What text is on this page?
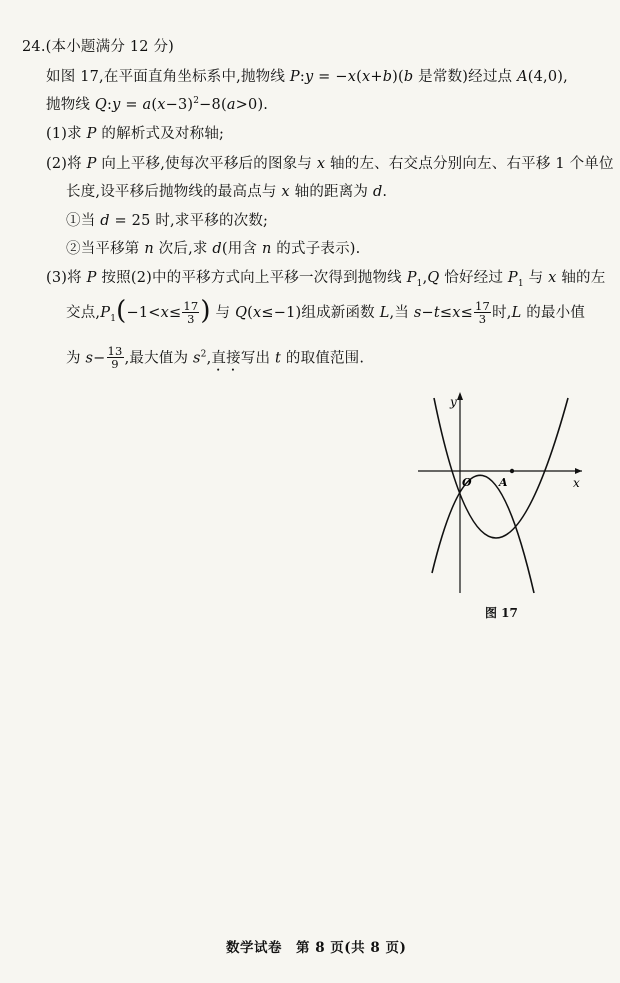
24.(本小题满分 12 分)
如图 17,在平面直角坐标系中,抛物线 P:y = −x(x+b)(b 是常数)经过点 A(4,0),
抛物线 Q:y = $a(x-3)^2-8(a>0)$.
(1)求 P 的解析式及对称轴;
(2)将 P 向上平移,使每次平移后的图象与 x 轴的左、右交点分别向左、右平移 1 个单位
长度,设平移后抛物线的最高点与 x 轴的距离为 d.
①当 d = 25 时,求平移的次数;
②当平移第 n 次后,求 d(用含 n 的式子表示).
(3)将 P 按照(2)中的平移方式向上平移一次得到抛物线 $P_1,Q$ 恰好经过 $P_1$ 与 x 轴的左
交点$,P_1(-1<x\le \frac{17}{3}$ ) 与 Q(x≤−1)组成新函数 L,当 $s-t\le x\le \frac{17}{3}$ 时,L 的最小值
为 $s- \frac{13}{9}$ ,最大值为 $s^2$,直接写出 t 的取值范围.
y
x
O A
图 17
数学试卷　第 8 页(共 8 页)
